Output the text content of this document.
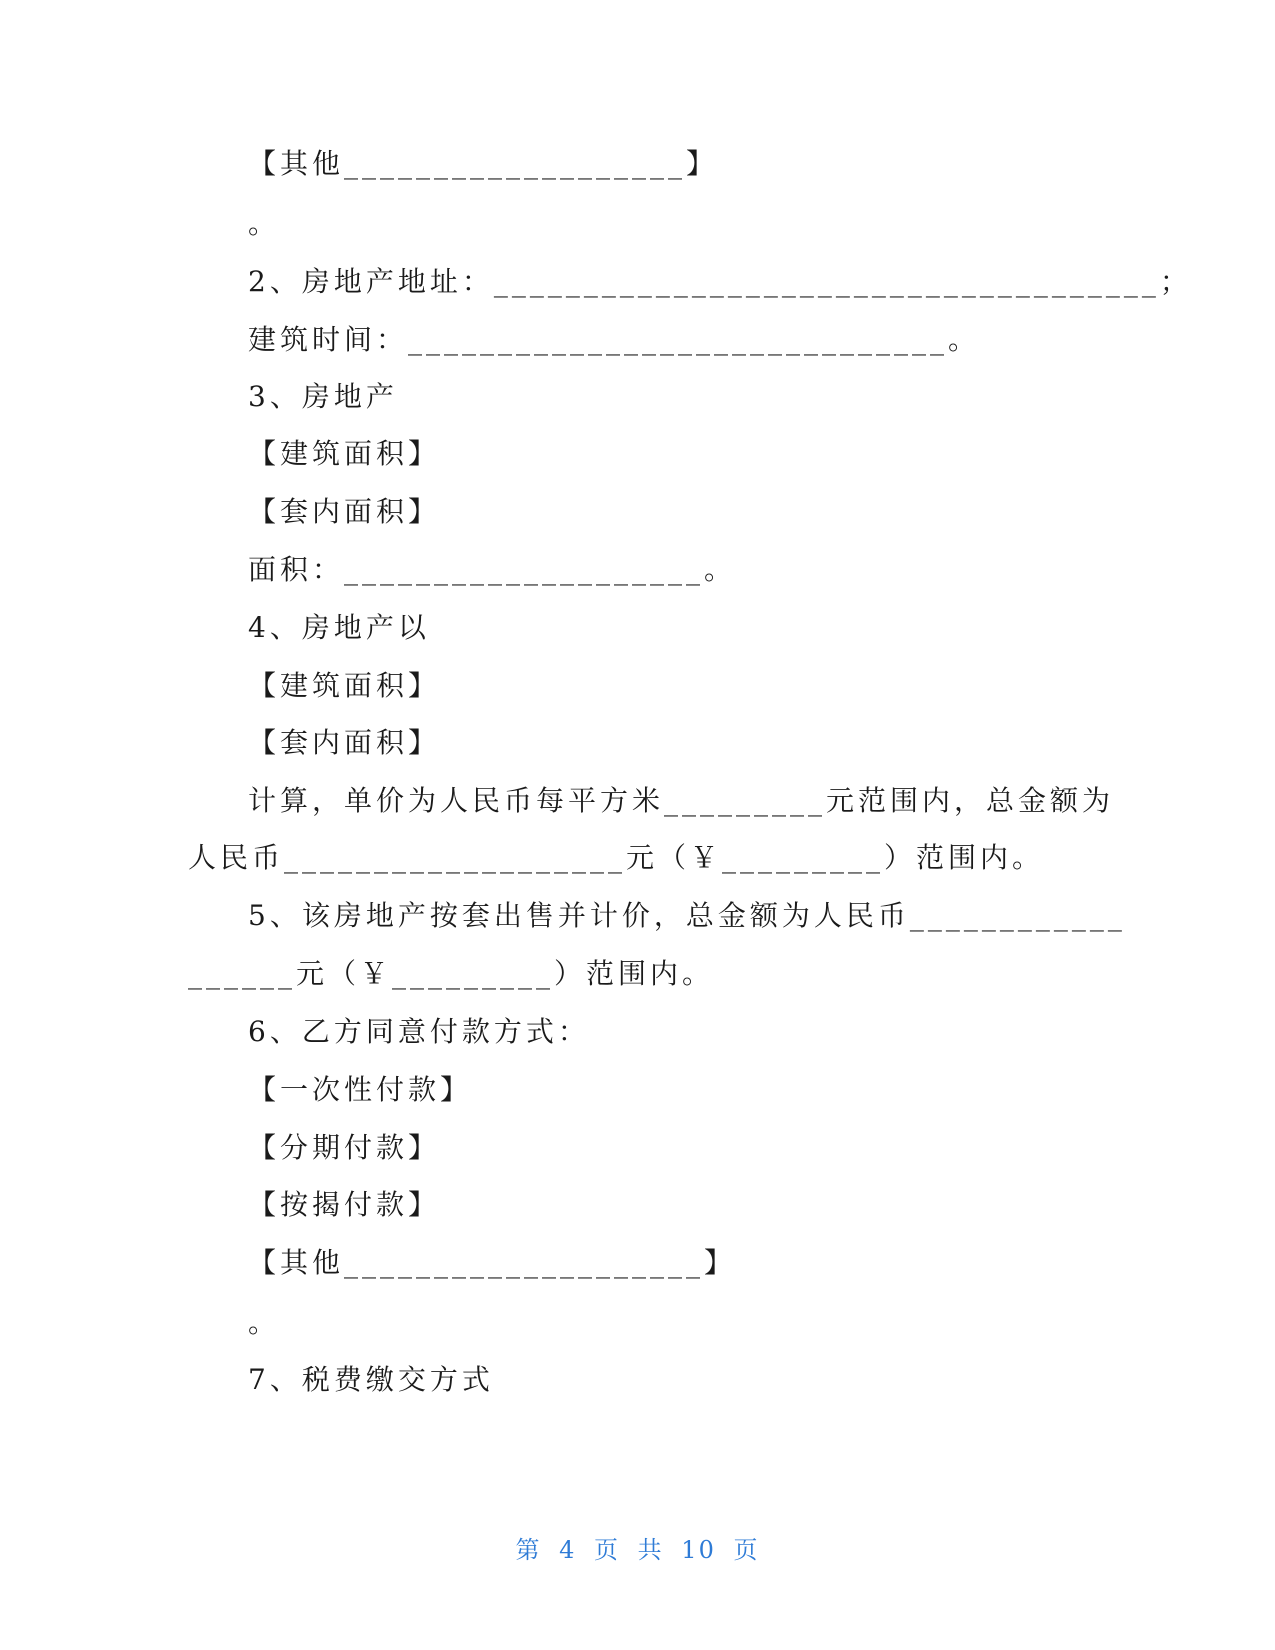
【其他___________________】
。
2、房地产地址：_____________________________________；
建筑时间：______________________________。
3、房地产
【建筑面积】
【套内面积】
面积：____________________。
4、房地产以
【建筑面积】
【套内面积】
计算，单价为人民币每平方米_________元范围内，总金额为
人民币___________________元（￥_________）范围内。
5、该房地产按套出售并计价，总金额为人民币____________
______元（￥_________）范围内。
6、乙方同意付款方式：
【一次性付款】
【分期付款】
【按揭付款】
【其他____________________】
。
7、税费缴交方式
第 4 页 共 10 页
